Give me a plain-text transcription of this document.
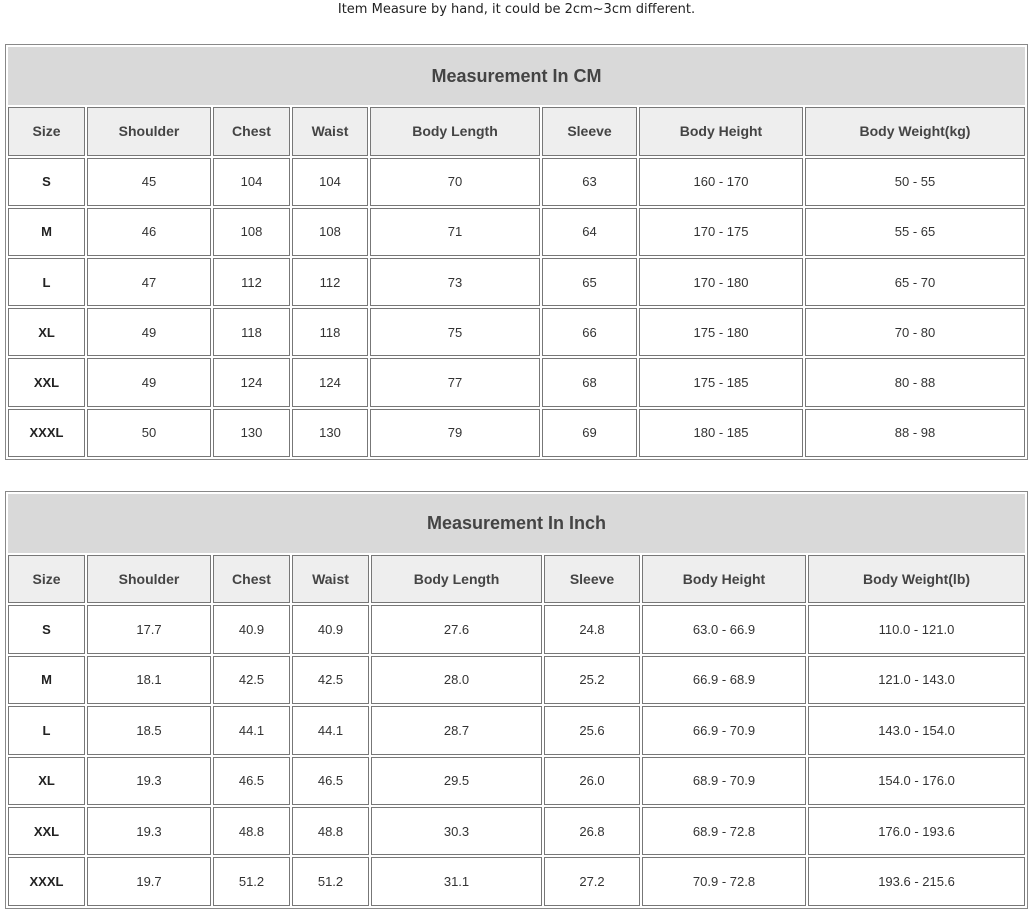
Item Measure by hand, it could be 2cm~3cm different.
Measurement In CM							
Size	Shoulder	Chest	Waist	Body Length	Sleeve	Body Height	Body Weight(kg)
S	45	104	104	70	63	160 - 170	50 - 55
M	46	108	108	71	64	170 - 175	55 - 65
L	47	112	112	73	65	170 - 180	65 - 70
XL	49	118	118	75	66	175 - 180	70 - 80
XXL	49	124	124	77	68	175 - 185	80 - 88
XXXL	50	130	130	79	69	180 - 185	88 - 98
Measurement In Inch							
Size	Shoulder	Chest	Waist	Body Length	Sleeve	Body Height	Body Weight(lb)
S	17.7	40.9	40.9	27.6	24.8	63.0 - 66.9	110.0 - 121.0
M	18.1	42.5	42.5	28.0	25.2	66.9 - 68.9	121.0 - 143.0
L	18.5	44.1	44.1	28.7	25.6	66.9 - 70.9	143.0 - 154.0
XL	19.3	46.5	46.5	29.5	26.0	68.9 - 70.9	154.0 - 176.0
XXL	19.3	48.8	48.8	30.3	26.8	68.9 - 72.8	176.0 - 193.6
XXXL	19.7	51.2	51.2	31.1	27.2	70.9 - 72.8	193.6 - 215.6
